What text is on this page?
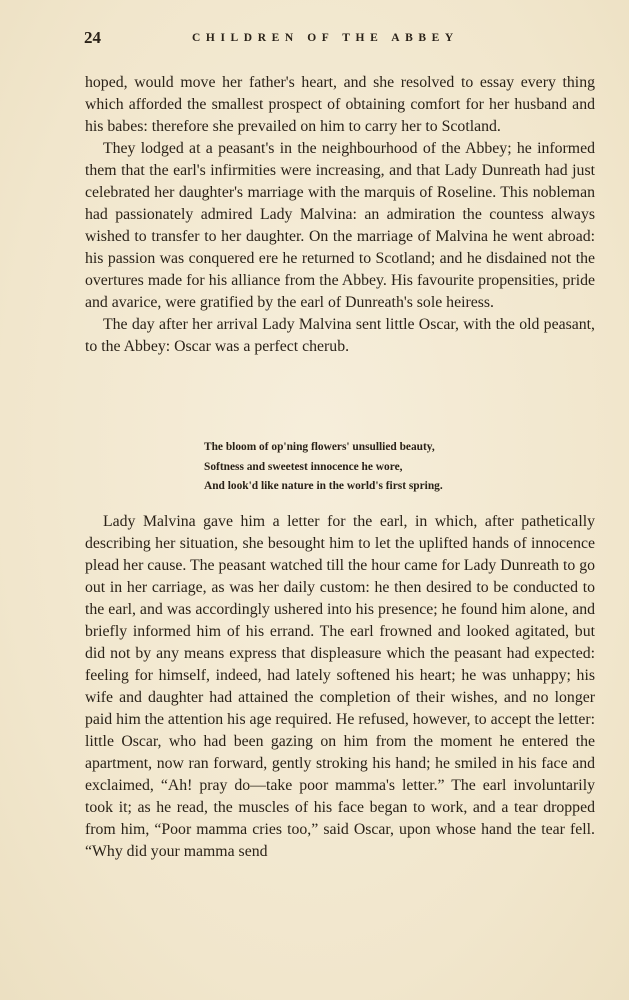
24	CHILDREN OF THE ABBEY

hoped, would move her father's heart, and she resolved to essay every thing which afforded the smallest prospect of obtaining comfort for her husband and his babes: therefore she prevailed on him to carry her to Scotland.

They lodged at a peasant's in the neighbourhood of the Abbey; he informed them that the earl's infirmities were increasing, and that Lady Dunreath had just celebrated her daughter's marriage with the marquis of Roseline. This nobleman had passionately admired Lady Malvina: an admiration the countess always wished to transfer to her daughter. On the marriage of Malvina he went abroad: his passion was conquered ere he returned to Scotland; and he disdained not the overtures made for his alliance from the Abbey. His favourite propensities, pride and avarice, were gratified by the earl of Dunreath's sole heiress.

The day after her arrival Lady Malvina sent little Oscar, with the old peasant, to the Abbey: Oscar was a perfect cherub.

The bloom of op'ning flowers' unsullied beauty,
Softness and sweetest innocence he wore,
And look'd like nature in the world's first spring.

Lady Malvina gave him a letter for the earl, in which, after pathetically describing her situation, she besought him to let the uplifted hands of innocence plead her cause. The peasant watched till the hour came for Lady Dunreath to go out in her carriage, as was her daily custom: he then desired to be conducted to the earl, and was accordingly ushered into his presence; he found him alone, and briefly informed him of his errand. The earl frowned and looked agitated, but did not by any means express that displeasure which the peasant had expected: feeling for himself, indeed, had lately softened his heart; he was unhappy; his wife and daughter had attained the completion of their wishes, and no longer paid him the attention his age required. He refused, however, to accept the letter: little Oscar, who had been gazing on him from the moment he entered the apartment, now ran forward, gently stroking his hand; he smiled in his face and exclaimed, “Ah! pray do—take poor mamma's letter.” The earl involuntarily took it; as he read, the muscles of his face began to work, and a tear dropped from him, “Poor mamma cries too,” said Oscar, upon whose hand the tear fell. “Why did your mamma send
